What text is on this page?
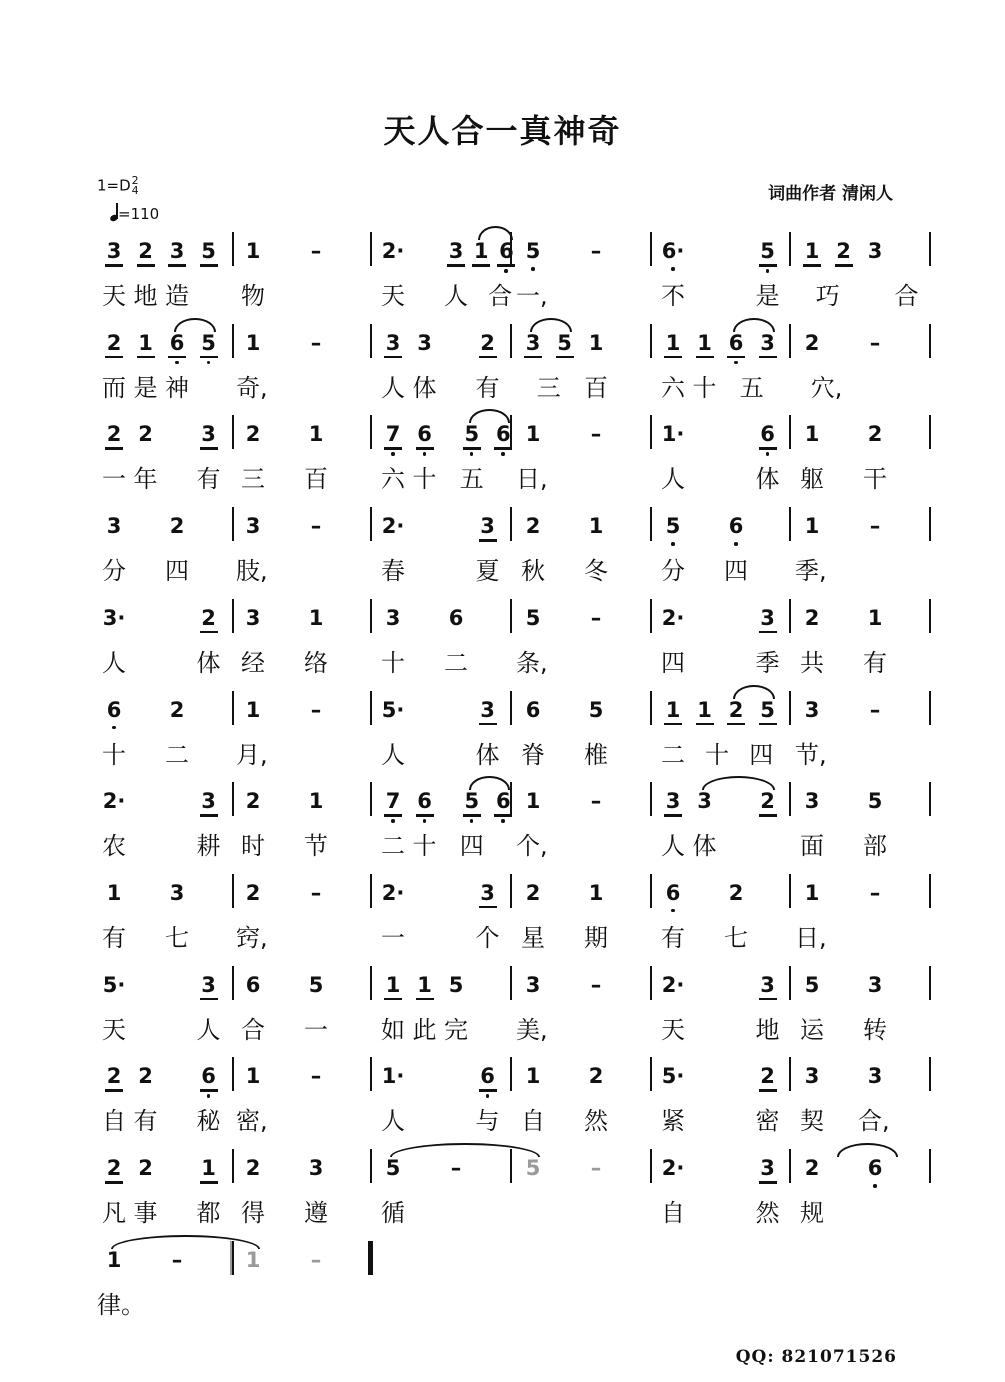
天人合一真神奇
1=D2
4
=110
词曲作者 清闲人
3 2 3 5 1	–	2· 3 1 6 5	–	6·	5 1 2 3
天 地 造 物	天 人 合 一,	不	是 巧 合
2 1 6 5 1	–	3 3 2 3 5 1	1 1 6 3 2	–
而 是 神 奇,	人 体 有 三 百 六 十 五 穴,
2 2 3 2 1	7 6 5 6 1	–	1·	6 1 2
一 年 有 三 百 六 十 五 日,	人	体 躯 干
3 2	3	–	2·	3 2 1	5 6	1	–
分 四 肢,	春	夏 秋 冬 分 四 季,
3·	2 3 1	3 6	5	–	2·	3 2 1
人	体 经 络 十 二 条,	四	季 共 有
6 2	1	–	5·	3 6 5	1 1 2 5 3	–
十 二 月,	人	体 脊 椎 二 十 四 节,
2·	3 2 1	7 6 5 6 1	–	3 3 2 3 5
农	耕 时 节 二 十 四 个,	人 体	面 部
1 3	2	–	2·	3 2 1	6 2	1	–
有 七 窍,	一	个 星 期 有 七 日,
5·	3 6 5	1 1 5	3	–	2·	3 5 3
天	人 合 一 如 此 完 美,	天	地 运 转
2 2 6 1	–	1·	6 1 2	5·	2 3 3
自 有 秘 密,	人	与 自 然 紧	密 契 合,
2 2 1 2 3	5	–	5	–	2·	3 2 6
凡 事 都 得 遵 循	自	然 规
1	–	1	–
律。
QQ: 821071526
